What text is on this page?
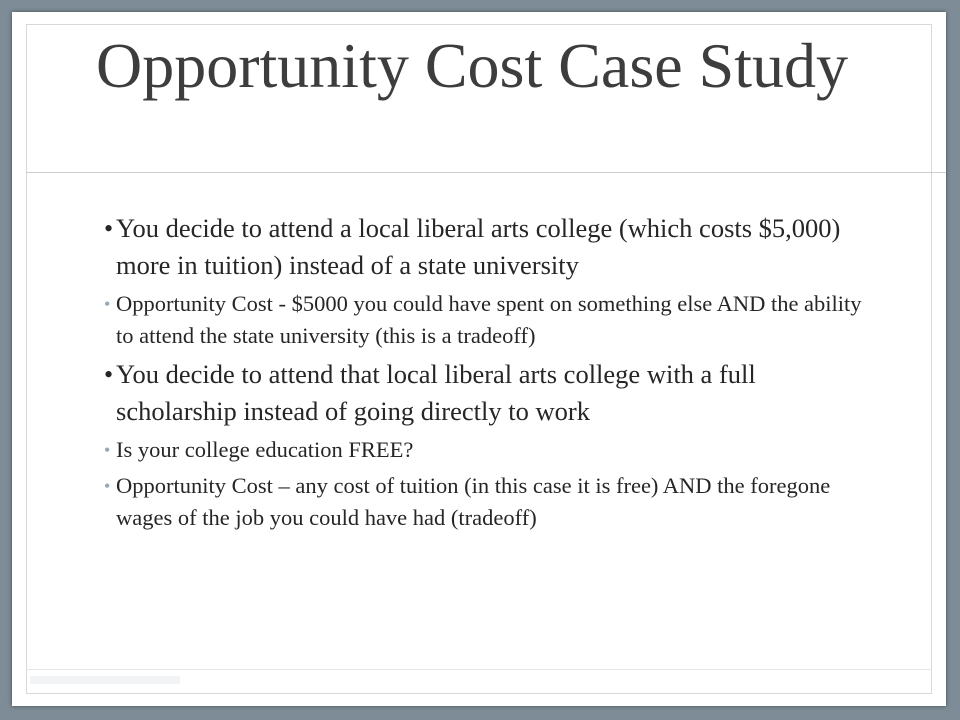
Opportunity Cost Case Study

• You decide to attend a local liberal arts college (which costs $5,000) more in tuition) instead of a state university

• Opportunity Cost - $5000 you could have spent on something else AND the ability to attend the state university (this is a tradeoff)

• You decide to attend that local liberal arts college with a full scholarship instead of going directly to work

• Is your college education FREE?

• Opportunity Cost – any cost of tuition (in this case it is free) AND the foregone wages of the job you could have had (tradeoff)
